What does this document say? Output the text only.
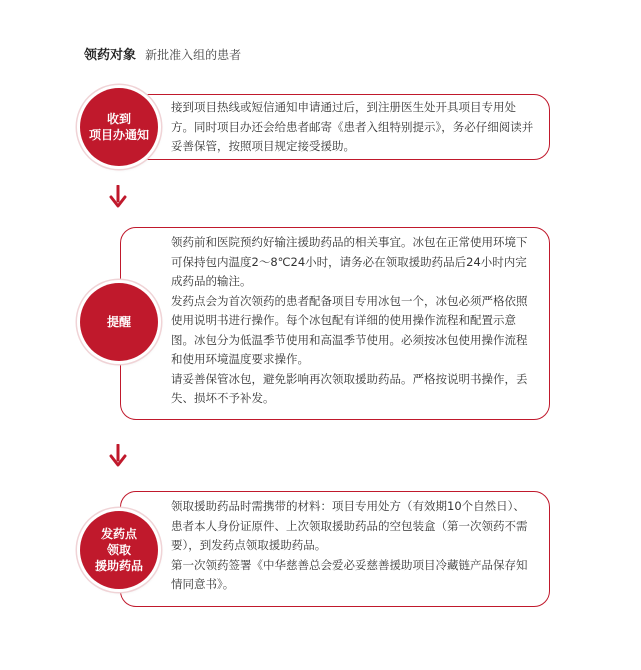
领药对象 新批准入组的患者

接到项目热线或短信通知申请通过后，到注册医生处开具项目专用处方。同时项目办还会给患者邮寄《患者入组特别提示》，务必仔细阅读并妥善保管，按照项目规定接受援助。

收到
项目办通知

领药前和医院预约好输注援助药品的相关事宜。冰包在正常使用环境下可保持包内温度2～8℃24小时，请务必在领取援助药品后24小时内完成药品的输注。

发药点会为首次领药的患者配备项目专用冰包一个，冰包必须严格依照使用说明书进行操作。每个冰包配有详细的使用操作流程和配置示意图。冰包分为低温季节使用和高温季节使用。必须按冰包使用操作流程和使用环境温度要求操作。

请妥善保管冰包，避免影响再次领取援助药品。严格按说明书操作，丢失、损坏不予补发。

提醒

领取援助药品时需携带的材料：项目专用处方（有效期10个自然日）、患者本人身份证原件、上次领取援助药品的空包装盒（第一次领药不需要），到发药点领取援助药品。

第一次领药签署《中华慈善总会爱必妥慈善援助项目冷藏链产品保存知情同意书》。

发药点
领取
援助药品
